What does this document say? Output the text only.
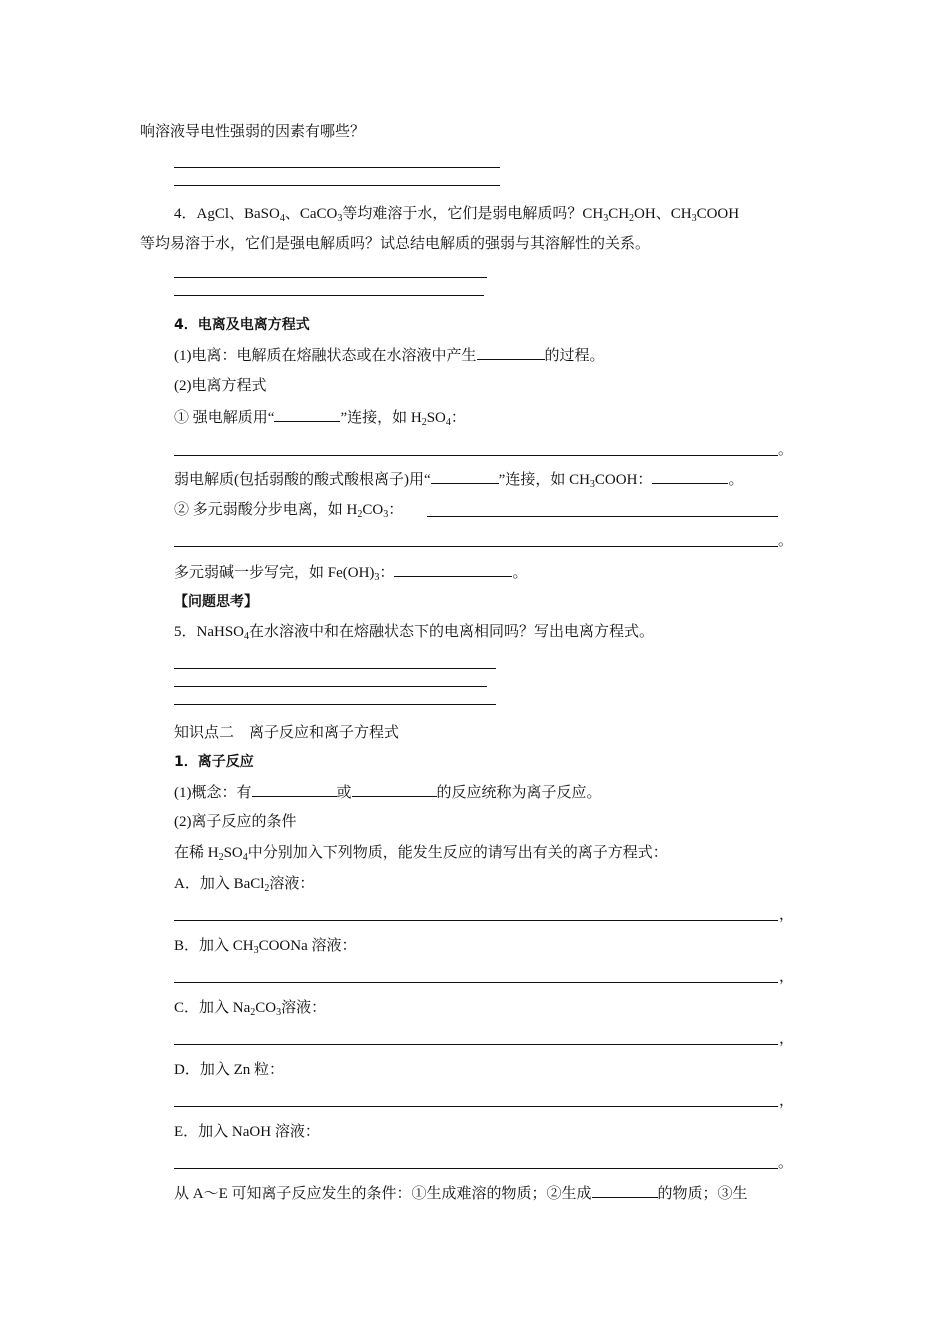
响溶液导电性强弱的因素有哪些？
4．AgCl、BaSO$_4$、CaCO$_3$等均难溶于水，它们是弱电解质吗？$CH_3CH_2OH$、$CH_3COOH$
等均易溶于水，它们是强电解质吗？试总结电解质的强弱与其溶解性的关系。
4．电离及电离方程式
(1)电离：电解质在熔融状态或在水溶液中产生	的过程。
(2)电离方程式
① 强电解质用“	”连接，如 $H_2SO_4$：
。
弱电解质(包括弱酸的酸式酸根离子)用“	”连接，如 $CH_3COOH$：	。
② 多元弱酸分步电离，如 $H_2CO_3$：
。
多元弱碱一步写完，如 $Fe(OH)_3$：	。
【问题思考】
5．NaHSO$_4$在水溶液中和在熔融状态下的电离相同吗？写出电离方程式。
知识点二　离子反应和离子方程式
1．离子反应
(1)概念：有	或	的反应统称为离子反应。
(2)离子反应的条件
在稀 $H_2SO_4$中分别加入下列物质，能发生反应的请写出有关的离子方程式：
A．加入 BaCl$_2$溶液：
，
B．加入 $CH_3COONa$ 溶液：
，
C．加入 $Na_2CO_3$溶液：
，
D．加入 Zn 粒：
，
E．加入 NaOH 溶液：
。
从 A～E 可知离子反应发生的条件：①生成难溶的物质；②生成	的物质；③生
